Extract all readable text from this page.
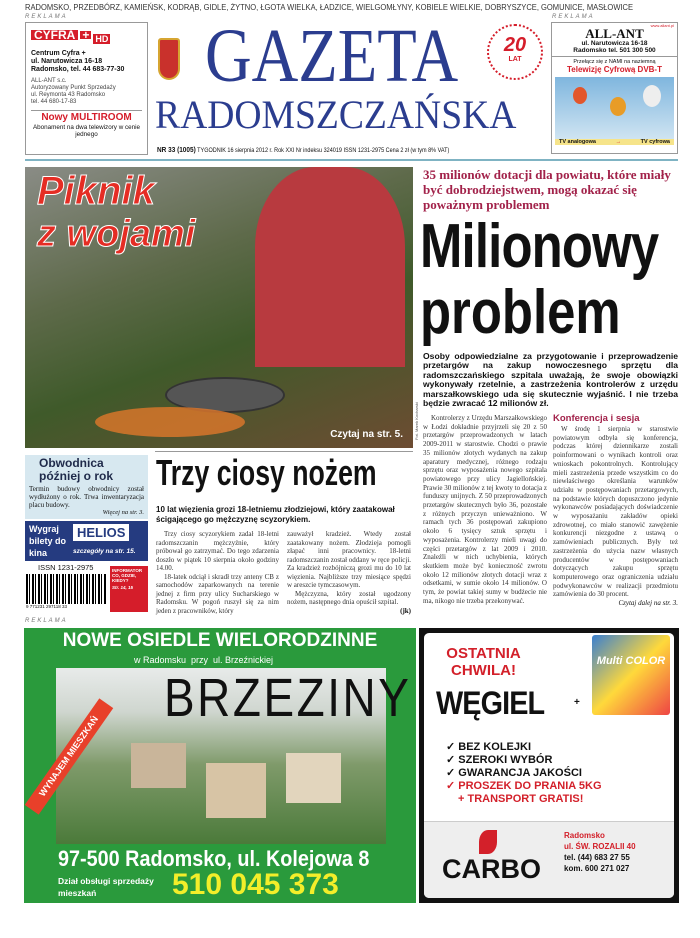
RADOMSKO, PRZEDBÓRZ, KAMIEŃSK, KODRĄB, GIDLE, ŻYTNO, ŁGOTA WIELKA, ŁADZICE, WIELGOMŁYNY, KOBIELE WIELKIE, DOBRYSZYCE, GOMUNICE, MASŁOWICE
REKLAMA	REKLAMA
CYFRA + HD
Centrum Cyfra +
ul. Narutowicza 16-18
Radomsko, tel. 44 683-77-30
ALL-ANT s.c.
Autoryzowany Punkt Sprzedaży
ul. Reymonta 43 Radomsko
tel. 44 680-17-83
Nowy MULTIROOM
Abonament na dwa telewizory w cenie jednego
GAZETA
RADOMSZCZAŃSKA
20
LAT
NR 33 (1005) TYGODNIK 16 sierpnia 2012 r. Rok XXI Nr indeksu 324019 ISSN 1231-2975 Cena 2 zł (w tym 8% VAT)
www.allant.pl
ALL-ANT
ul. Narutowicza 16-18
Radomsko tel. 501 300 500
Przełącz się z NAMI na naziemną
Telewizję Cyfrową DVB-T
TV analogowa	→	TV cyfrowa
Piknik
z wojami
Czytaj na str. 5.	Fot. Marek Kocharski
35 milionów dotacji dla powiatu, które miały być dobrodziejstwem, mogą okazać się poważnym problemem
Milionowy
problem
Osoby odpowiedzialne za przygotowanie i przeprowadzenie przetargów na zakup nowoczesnego sprzętu dla radomszczańskiego szpitala uważają, że swoje obowiązki wykonywały rzetelnie, a zastrzeżenia kontrolerów z urzędu marszałkowskiego uda się skutecznie wyjaśnić. I nie trzeba będzie zwracać 12 milionów zł.
Kontrolerzy z Urzędu Marszałkowskiego w Łodzi dokładnie przyjrzeli się 20 z 50 przetargów przeprowadzonych w latach 2009-2011 w starostwie. Chodzi o prawie 35 milionów złotych wydanych na zakup aparatury medycznej, różnego rodzaju sprzętu oraz wyposażenia nowego szpitala powiatowego przy ulicy Jagiellońskiej. Prawie 30 milionów z tej kwoty to dotacja z funduszy unijnych. Z 50 przeprowadzonych przetargów skutecznych było 36, pozostałe z różnych przyczyn unieważniono. W ramach tych 36 postępowań zakupiono około 6 tysięcy sztuk sprzętu i wyposażenia. Kontrolerzy mieli uwagi do części przetargów z lat 2009 i 2010. Znaleźli w nich uchybienia, których skutkiem może być konieczność zwrotu około 12 milionów złotych dotacji wraz z odsetkami, w sumie około 14 milionów. O tym, że powiat takiej sumy w budżecie nie ma, nikogo nie trzeba przekonywać.
Konferencja i sesja
W środę 1 sierpnia w starostwie powiatowym odbyła się konferencja, podczas której dziennikarze zostali poinformowani o wynikach kontroli oraz wnioskach pokontrolnych. Kontrolujący mieli zastrzeżenia przede wszystkim co do niewłaściwego określania warunków udziału w postępowaniach przetargowych, na podstawie których dopuszczono jedynie wykonawców posiadających doświadczenie w wyposażaniu zakładów opieki zdrowotnej, co miało stanowić zawężenie konkurencji niezgodne z ustawą o zamówieniach publicznych. Były też zastrzeżenia do użycia nazw własnych producentów w postępowaniach dotyczących zakupu sprzętu komputerowego oraz ograniczenia udziału podwykonawców w realizacji przedmiotu zamówienia do 30 procent.
Czytaj dalej na str. 3.
Obwodnica później o rok
Termin budowy obwodnicy został wydłużony o rok. Trwa inwentaryzacja placu budowy.
Więcej na str. 3.
Wygraj bilety do kina
HELIOS
szczegóły na str. 15.
ISSN 1231-2975
9 771231 297118 33
INFORMATOR CO, GDZIE, KIEDY?
Str. 14, 15
Trzy ciosy nożem
10 lat więzienia grozi 18-letniemu złodziejowi, który zaatakował ścigającego go mężczyznę scyzorykiem.
Trzy ciosy scyzorykiem zadał 18-letni radomszczanin mężczyźnie, który próbował go zatrzymać. Do tego zdarzenia doszło w piątek 10 sierpnia około godziny 14.00.
18-latek odciął i skradł trzy anteny CB z samochodów zaparkowanych na terenie jednej z firm przy ulicy Sucharskiego w Radomsku. W pogoń ruszył się za nim jeden z pracowników, który
zauważył kradzież. Wtedy został zaatakowany nożem. Złodzieja pomogli złapać inni pracownicy. 18-letni radomszczanin został oddany w ręce policji. Za kradzież rozbójniczą grozi mu do 10 lat więzienia. Najbliższe trzy miesiące spędzi w areszcie tymczasowym.
Mężczyzna, który został ugodzony nożem, następnego dnia opuścił szpital.
(jk)
REKLAMA
NOWE OSIEDLE WIELORODZINNE
w Radomsku  przy  ul. Brzeźnickiej
BRZEZINY
WYNAJEM MIESZKAŃ
97-500 Radomsko, ul. Kolejowa 8
Dział obsługi sprzedaży mieszkań	510 045 373
OSTATNIA CHWILA!
Multi COLOR
WĘGIEL	+
✓ BEZ KOLEJKI
✓ SZEROKI WYBÓR
✓ GWARANCJA JAKOŚCI
✓ PROSZEK DO PRANIA 5KG
+ TRANSPORT GRATIS!
CARBO
Radomsko
ul. ŚW. ROZALII 40
tel. (44) 683 27 55
kom. 600 271 027
